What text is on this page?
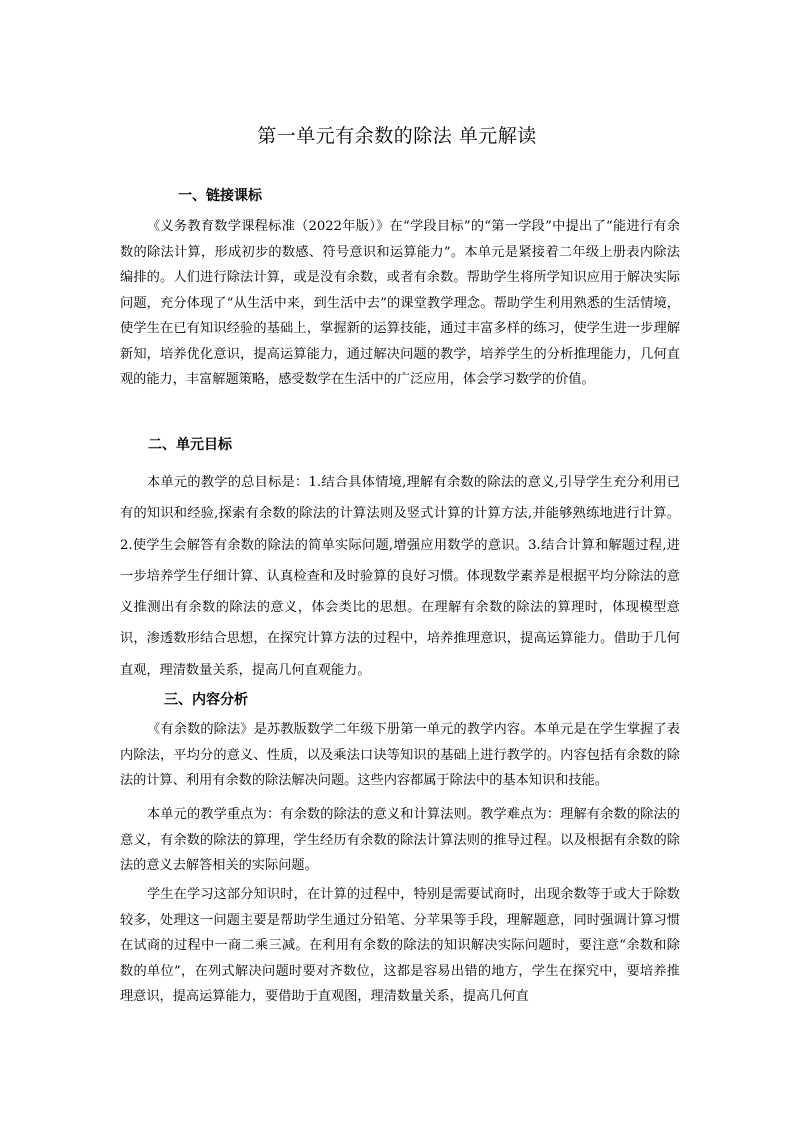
第一单元有余数的除法 单元解读
一、链接课标

《义务教育数学课程标准（2022年版）》在“学段目标”的“第一学段”中提出了“能进行有余数的除法计算，形成初步的数感、符号意识和运算能力”。本单元是紧接着二年级上册表内除法编排的。人们进行除法计算，或是没有余数，或者有余数。帮助学生将所学知识应用于解决实际问题，充分体现了“从生活中来，到生活中去”的课堂教学理念。帮助学生利用熟悉的生活情境，使学生在已有知识经验的基础上，掌握新的运算技能，通过丰富多样的练习，使学生进一步理解新知，培养优化意识，提高运算能力，通过解决问题的教学，培养学生的分析推理能力，几何直观的能力，丰富解题策略，感受数学在生活中的广泛应用，体会学习数学的价值。

二、单元目标

本单元的教学的总目标是：1.结合具体情境,理解有余数的除法的意义,引导学生充分利用已有的知识和经验,探索有余数的除法的计算法则及竖式计算的计算方法,并能够熟练地进行计算。2.使学生会解答有余数的除法的简单实际问题,增强应用数学的意识。3.结合计算和解题过程,进一步培养学生仔细计算、认真检查和及时验算的良好习惯。体现数学素养是根据平均分除法的意义推测出有余数的除法的意义，体会类比的思想。在理解有余数的除法的算理时，体现模型意识，渗透数形结合思想，在探究计算方法的过程中，培养推理意识，提高运算能力。借助于几何直观，理清数量关系，提高几何直观能力。

三、内容分析

《有余数的除法》是苏教版数学二年级下册第一单元的教学内容。本单元是在学生掌握了表内除法，平均分的意义、性质，以及乘法口诀等知识的基础上进行教学的。内容包括有余数的除法的计算、利用有余数的除法解决问题。这些内容都属于除法中的基本知识和技能。

本单元的教学重点为：有余数的除法的意义和计算法则。教学难点为：理解有余数的除法的意义，有余数的除法的算理，学生经历有余数的除法计算法则的推导过程。以及根据有余数的除法的意义去解答相关的实际问题。

学生在学习这部分知识时，在计算的过程中，特别是需要试商时，出现余数等于或大于除数较多，处理这一问题主要是帮助学生通过分铅笔、分苹果等手段，理解题意，同时强调计算习惯在试商的过程中一商二乘三减。在利用有余数的除法的知识解决实际问题时，要注意“余数和除数的单位”，在列式解决问题时要对齐数位，这都是容易出错的地方，学生在探究中，要培养推理意识，提高运算能力，要借助于直观图，理清数量关系，提高几何直
